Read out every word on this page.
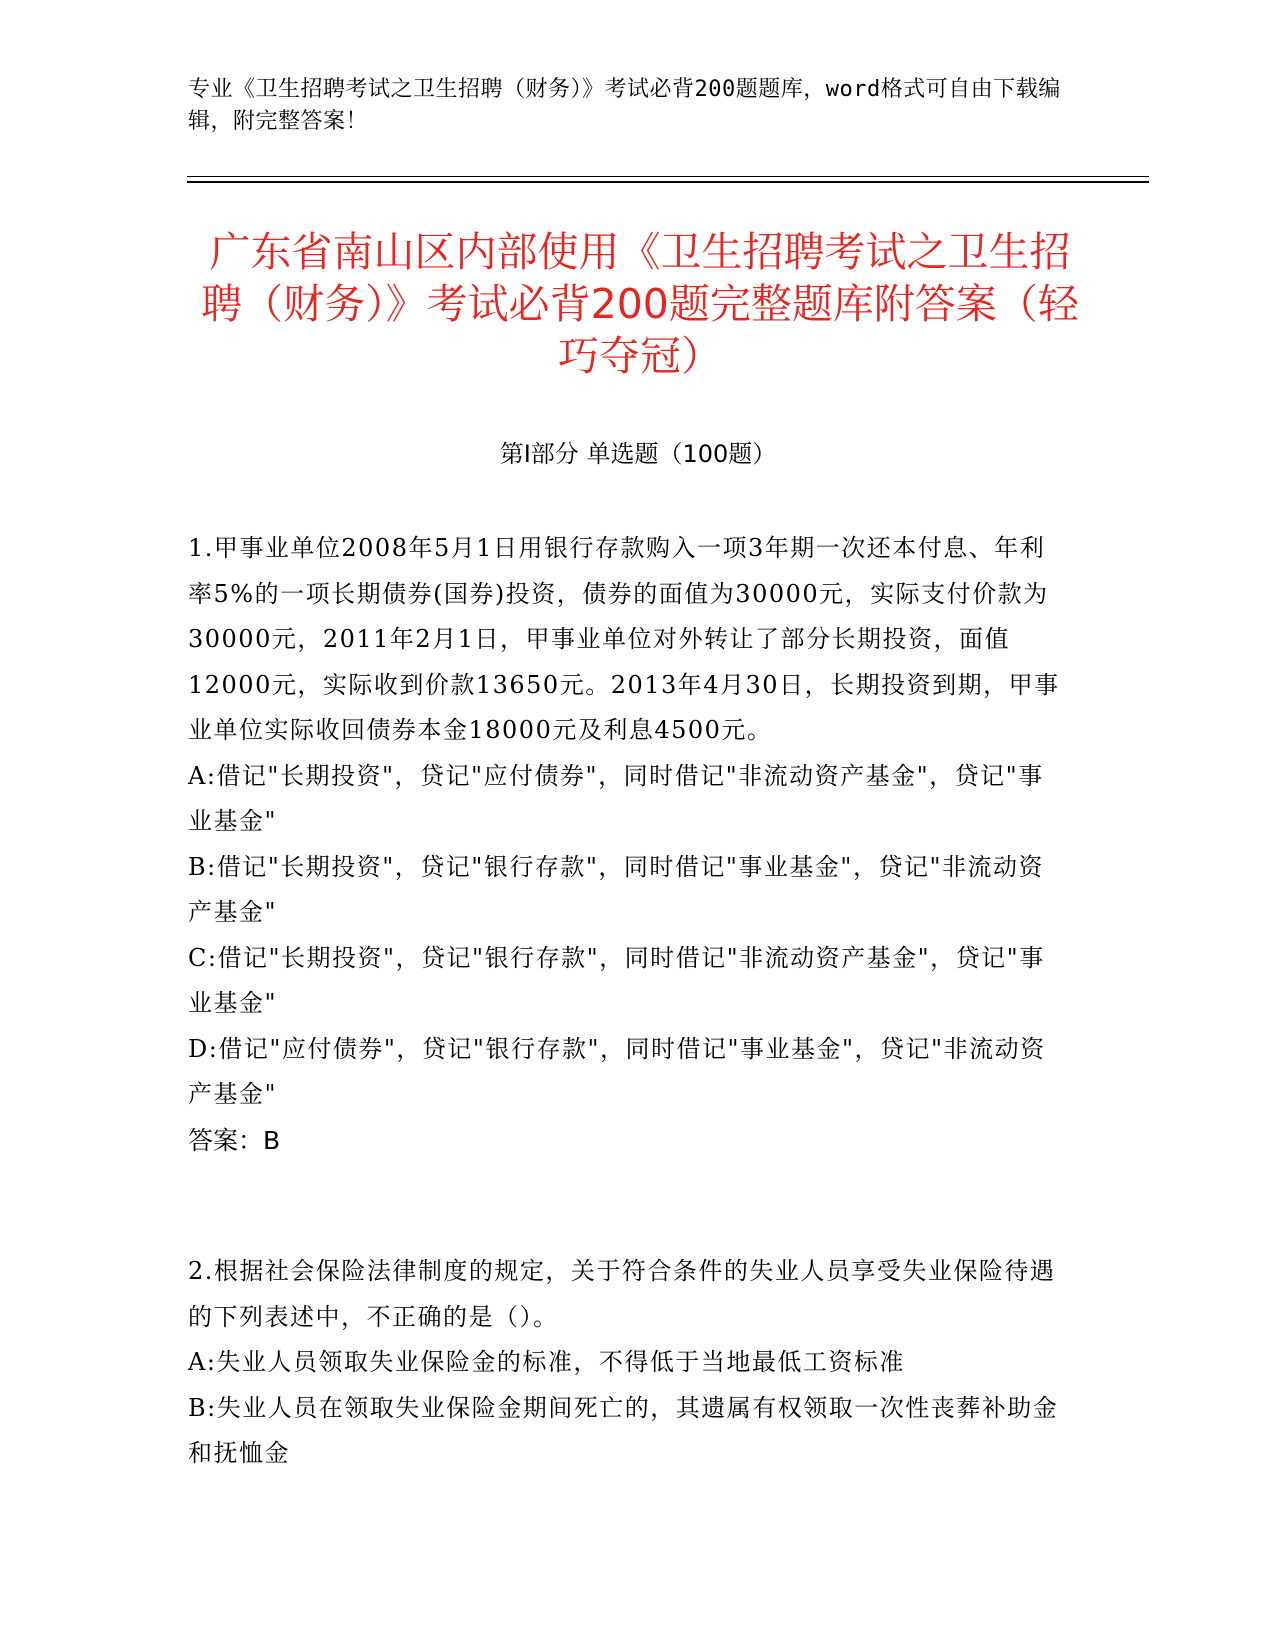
专业《卫生招聘考试之卫生招聘（财务）》考试必背200题题库，word格式可自由下载编辑，附完整答案！
广东省南山区内部使用《卫生招聘考试之卫生招聘（财务）》考试必背200题完整题库附答案（轻巧夺冠）
第I部分 单选题（100题）

1.甲事业单位2008年5月1日用银行存款购入一项3年期一次还本付息、年利率5%的一项长期债券(国券)投资，债券的面值为30000元，实际支付价款为30000元，2011年2月1日，甲事业单位对外转让了部分长期投资，面值12000元，实际收到价款13650元。2013年4月30日，长期投资到期，甲事业单位实际收回债券本金18000元及利息4500元。

A:借记"长期投资"，贷记"应付债券"，同时借记"非流动资产基金"，贷记"事业基金"

B:借记"长期投资"，贷记"银行存款"，同时借记"事业基金"，贷记"非流动资产基金"

C:借记"长期投资"，贷记"银行存款"，同时借记"非流动资产基金"，贷记"事业基金"

D:借记"应付债券"，贷记"银行存款"，同时借记"事业基金"，贷记"非流动资产基金"

答案：B

2.根据社会保险法律制度的规定，关于符合条件的失业人员享受失业保险待遇的下列表述中，不正确的是（）。

A:失业人员领取失业保险金的标准，不得低于当地最低工资标准

B:失业人员在领取失业保险金期间死亡的，其遗属有权领取一次性丧葬补助金和抚恤金
